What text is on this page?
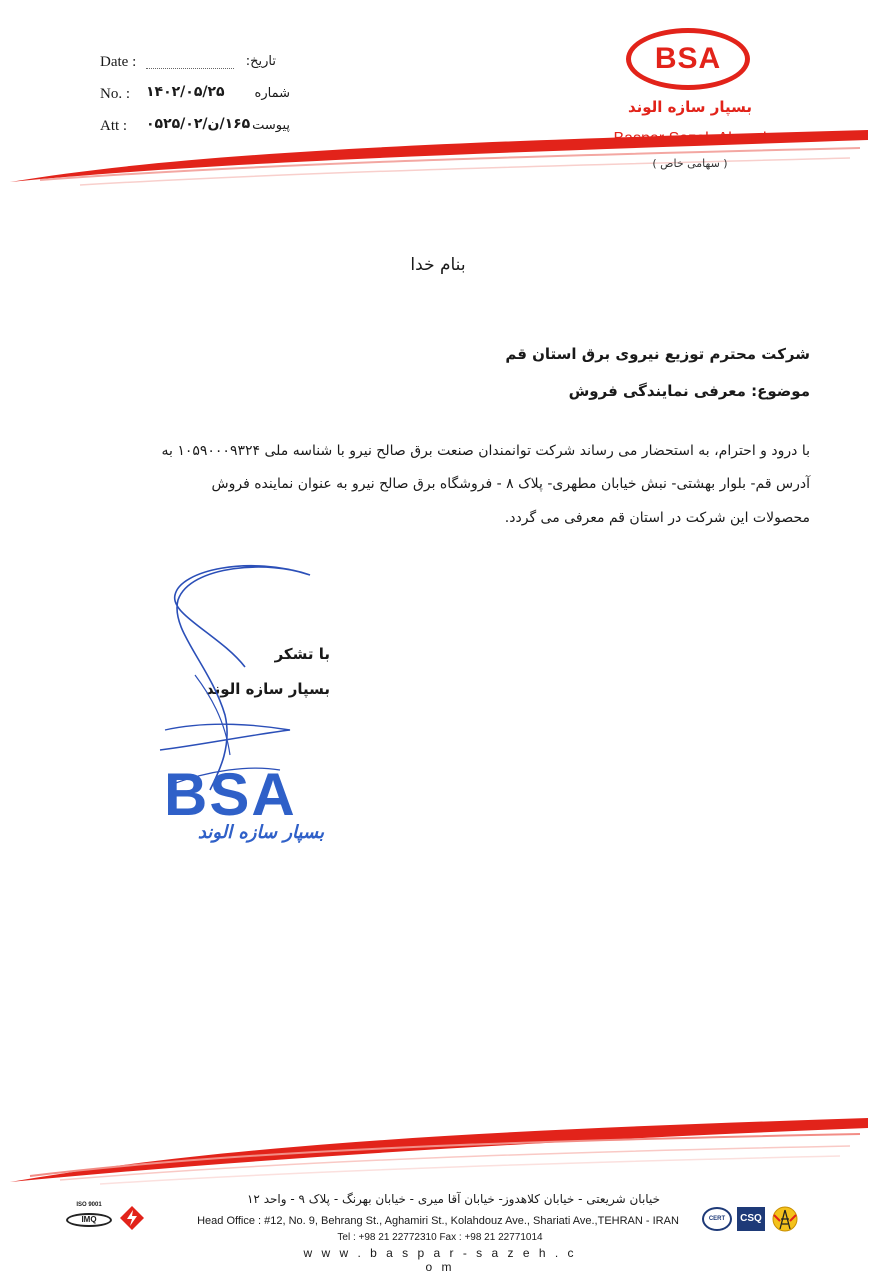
BSA
بسپار سازه الوند
Baspar Sazeh Alvand
( سهامی خاص )
Date :	تاریخ:
No. : ۱۴۰۲/۰۵/۲۵ شماره
Att : ۱۶۵/ن/۰۵۲۵/۰۲ پیوست
بنام خدا
شرکت محترم توزیع نیروی برق استان قم
موضوع: معرفی نمایندگی فروش
با درود و احترام، به استحضار می رساند شرکت توانمندان صنعت برق صالح نیرو با شناسه ملی ۱۰۵۹۰۰۰۹۳۲۴ به
آدرس قم- بلوار بهشتی- نبش خیابان مطهری- پلاک ۸ - فروشگاه برق صالح نیرو به عنوان نماینده فروش
محصولات این شرکت در استان قم معرفی می گردد.
با تشکر
بسپار سازه الوند
BSA
بسپار سازه الوند
خیابان شریعتی - خیابان کلاهدوز- خیابان آقا میری - خیابان بهرنگ - پلاک ۹ - واحد ۱۲
Head Office : #12, No. 9, Behrang St., Aghamiri St., Kolahdouz Ave., Shariati Ave.,TEHRAN - IRAN
Tel : +98 21 22772310 Fax : +98 21 22771014
w w w . b a s p a r - s a z e h . c o m
ISO 9001
IMQ	CERT	CSQ
